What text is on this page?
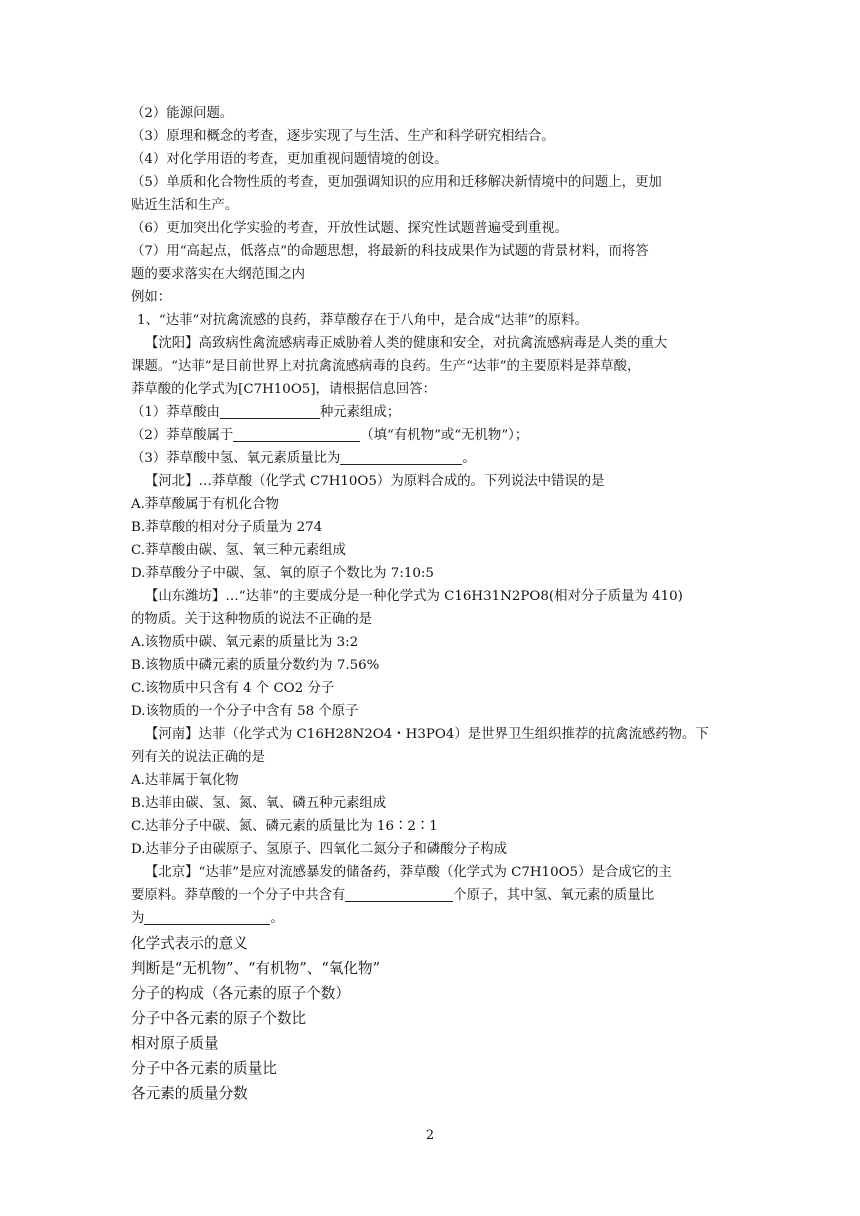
（2）能源问题。
（3）原理和概念的考查，逐步实现了与生活、生产和科学研究相结合。
（4）对化学用语的考查，更加重视问题情境的创设。
（5）单质和化合物性质的考查，更加强调知识的应用和迁移解决新情境中的问题上，更加
贴近生活和生产。
（6）更加突出化学实验的考查，开放性试题、探究性试题普遍受到重视。
（7）用“高起点，低落点”的命题思想，将最新的科技成果作为试题的背景材料，而将答
题的要求落实在大纲范围之内
例如：
1、“达菲”对抗禽流感的良药，莽草酸存在于八角中，是合成“达菲”的原料。
【沈阳】高致病性禽流感病毒正威胁着人类的健康和安全，对抗禽流感病毒是人类的重大
课题。“达菲”是目前世界上对抗禽流感病毒的良药。生产“达菲”的主要原料是莽草酸，
莽草酸的化学式为[C7H10O5]，请根据信息回答：
（1）莽草酸由	种元素组成；
（2）莽草酸属于	（填“有机物”或“无机物”）；
（3）莽草酸中氢、氧元素质量比为	。
【河北】…莽草酸（化学式 C7H10O5）为原料合成的。下列说法中错误的是
A.莽草酸属于有机化合物
B.莽草酸的相对分子质量为 274
C.莽草酸由碳、氢、氧三种元素组成
D.莽草酸分子中碳、氢、氧的原子个数比为 7:10:5
【山东潍坊】…“达菲”的主要成分是一种化学式为 C16H31N2PO8(相对分子质量为 410)
的物质。关于这种物质的说法不正确的是
A.该物质中碳、氧元素的质量比为 3:2
B.该物质中磷元素的质量分数约为 7.56%
C.该物质中只含有 4 个 CO2 分子
D.该物质的一个分子中含有 58 个原子
【河南】达菲（化学式为 C16H28N2O4・H3PO4）是世界卫生组织推荐的抗禽流感药物。下
列有关的说法正确的是
A.达菲属于氧化物
B.达菲由碳、氢、氮、氧、磷五种元素组成
C.达菲分子中碳、氮、磷元素的质量比为 16∶2∶1
D.达菲分子由碳原子、氢原子、四氧化二氮分子和磷酸分子构成
【北京】“达菲”是应对流感暴发的储备药，莽草酸（化学式为 C7H10O5）是合成它的主
要原料。莽草酸的一个分子中共含有	个原子，其中氢、氧元素的质量比
为	。
化学式表示的意义
判断是“无机物”、“有机物”、“氧化物”
分子的构成（各元素的原子个数）
分子中各元素的原子个数比
相对原子质量
分子中各元素的质量比
各元素的质量分数
2
